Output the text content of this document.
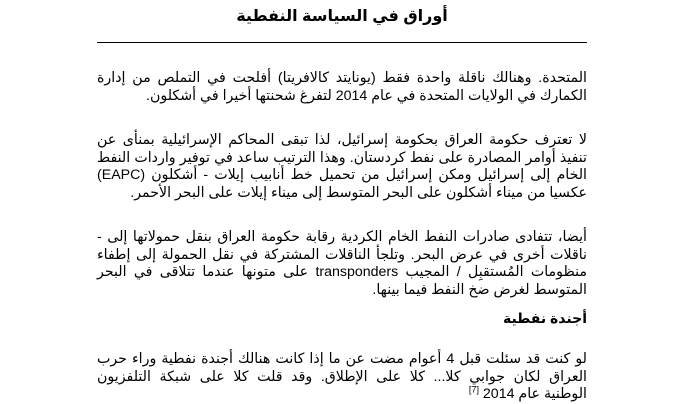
أوراق في السياسة النفطية

المتحدة. وهنالك ناقلة واحدة فقط (يونايتد كالافريتا) أفلحت في التملص من إدارة
الكمارك في الولايات المتحدة في عام 2014 لتفرغ شحنتها أخيرا في أشكلون.

لا تعترف حكومة العراق بحكومة إسرائيل، لذا تبقى المحاكم الإسرائيلية بمنأى عن
تنفيذ أوامر المصادرة على نفط كردستان. وهذا الترتيب ساعد في توفير واردات النفط
الخام إلى إسرائيل ومكن إسرائيل من تحميل خط أنابيب إيلات - أشكلون (EAPC)
عكسيا من ميناء أشكلون على البحر المتوسط إلى ميناء إيلات على البحر الأحمر.

أيضا، تتفادى صادرات النفط الخام الكردية رقابة حكومة العراق بنقل حمولاتها إلى -
ناقلات أخرى في عرض البحر. وتلجأ الناقلات المشتركة في نقل الحمولة إلى إطفاء
منظومات المُستقبِل / المجيب transponders على متونها عندما تتلاقى في البحر
المتوسط لغرض ضخ النفط فيما بينها.

أجندة نفطية

لو كنت قد سئلت قبل 4 أعوام مضت عن ما إذا كانت هنالك أجندة نفطية وراء حرب
العراق لكان جوابي كلا... كلا على الإطلاق. وقد قلت كلا على شبكة التلفزيون
الوطنية عام 2014 [7]
